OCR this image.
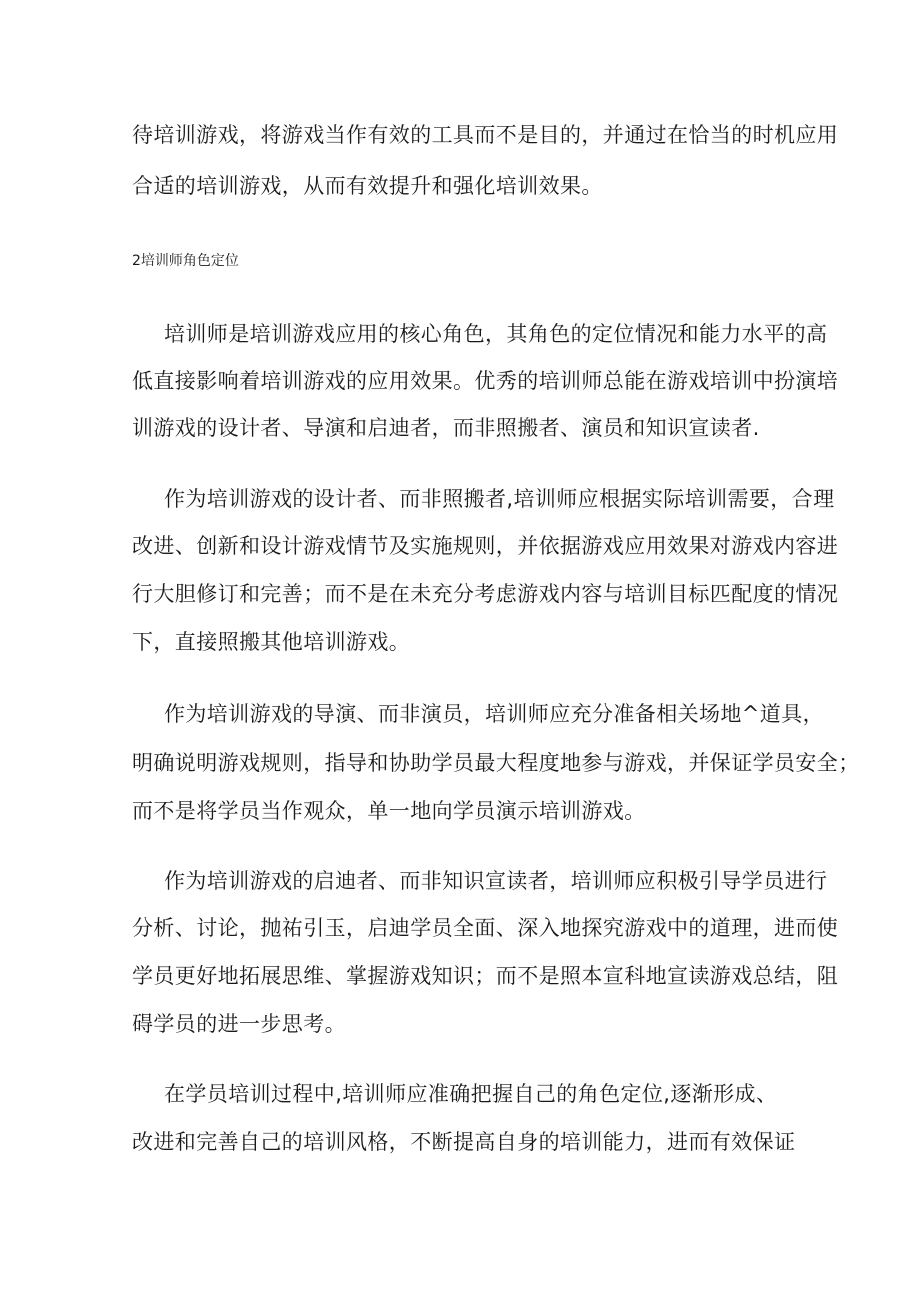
待培训游戏，将游戏当作有效的工具而不是目的，并通过在恰当的时机应用
合适的培训游戏，从而有效提升和强化培训效果。
2培训师角色定位
培训师是培训游戏应用的核心角色，其角色的定位情况和能力水平的高
低直接影响着培训游戏的应用效果。优秀的培训师总能在游戏培训中扮演培
训游戏的设计者、导演和启迪者，而非照搬者、演员和知识宣读者.
作为培训游戏的设计者、而非照搬者,培训师应根据实际培训需要，合理
改进、创新和设计游戏情节及实施规则，并依据游戏应用效果对游戏内容进
行大胆修订和完善；而不是在未充分考虑游戏内容与培训目标匹配度的情况
下，直接照搬其他培训游戏。
作为培训游戏的导演、而非演员，培训师应充分准备相关场地^道具，
明确说明游戏规则，指导和协助学员最大程度地参与游戏，并保证学员安全；
而不是将学员当作观众，单一地向学员演示培训游戏。
作为培训游戏的启迪者、而非知识宣读者，培训师应积极引导学员进行
分析、讨论，抛祐引玉，启迪学员全面、深入地探究游戏中的道理，进而使
学员更好地拓展思维、掌握游戏知识；而不是照本宣科地宣读游戏总结，阻
碍学员的进一步思考。
在学员培训过程中,培训师应准确把握自己的角色定位,逐渐形成、
改进和完善自己的培训风格，不断提高自身的培训能力，进而有效保证
